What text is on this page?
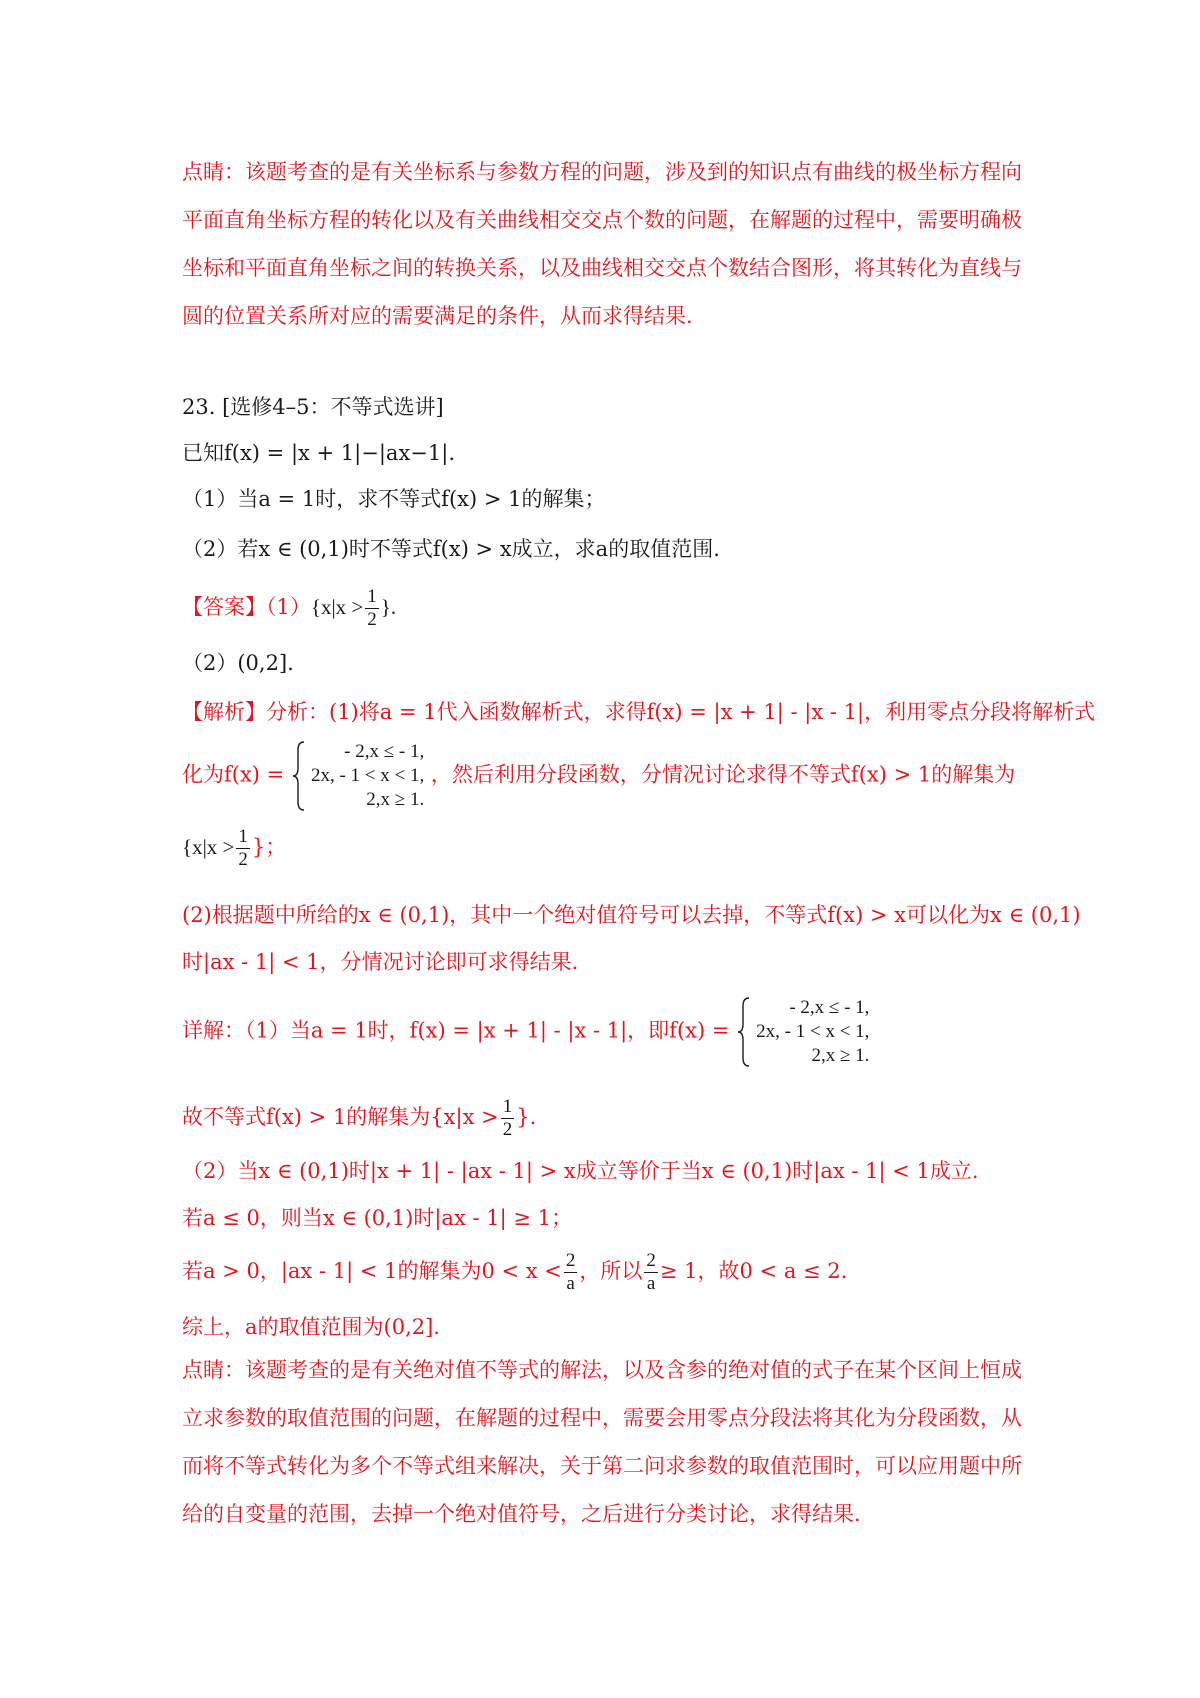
点睛：该题考查的是有关坐标系与参数方程的问题，涉及到的知识点有曲线的极坐标方程向
平面直角坐标方程的转化以及有关曲线相交交点个数的问题，在解题的过程中，需要明确极
坐标和平面直角坐标之间的转换关系，以及曲线相交交点个数结合图形，将其转化为直线与
圆的位置关系所对应的需要满足的条件，从而求得结果.
23. [选修4–5：不等式选讲]
已知f(x) = |x + 1|−|ax−1|.
（1）当a = 1时，求不等式f(x) > 1的解集；
（2）若x ∈ (0,1)时不等式f(x) > x成立，求a的取值范围.
【答案】$(1)\{x|x > \frac{1}{2}$ }.
（2）(0,2].
【解析】分析：(1)将a = 1代入函数解析式，求得f(x) = |x + 1| - |x - 1|，利用零点分段将解析式
化为f(x) =
- 2,x ≤ - 1,
2x, - 1 < x < 1,
2,x ≥ 1.
，然后利用分段函数，分情况讨论求得不等式f(x) > 1的解集为
{$x|x > \frac{1}{2}$ }；
(2)根据题中所给的x ∈ (0,1)，其中一个绝对值符号可以去掉，不等式f(x) > x可以化为x ∈ (0,1)
时|ax - 1| < 1，分情况讨论即可求得结果.
详解：（1）当a = 1时，f(x) = |x + 1| - |x - 1|，即f(x) =
- 2,x ≤ - 1,
2x, - 1 < x < 1,
2,x ≥ 1.
故不等式f(x) > 1的解集为{$x|x > \frac{1}{2}$ }.
（2）当x ∈ (0,1)时|x + 1| - |ax - 1| > x成立等价于当x ∈ (0,1)时|ax - 1| < 1成立.
若a ≤ 0，则当x ∈ (0,1)时|ax - 1| ≥ 1；
若a > 0，|ax - 1| < 1的解集为$0 < x < \frac{2}{a}$ ，所以 $\frac{2}{a} \ge 1$，故0 < a ≤ 2.
综上，a的取值范围为(0,2].
点睛：该题考查的是有关绝对值不等式的解法，以及含参的绝对值的式子在某个区间上恒成
立求参数的取值范围的问题，在解题的过程中，需要会用零点分段法将其化为分段函数，从
而将不等式转化为多个不等式组来解决，关于第二问求参数的取值范围时，可以应用题中所
给的自变量的范围，去掉一个绝对值符号，之后进行分类讨论，求得结果.
